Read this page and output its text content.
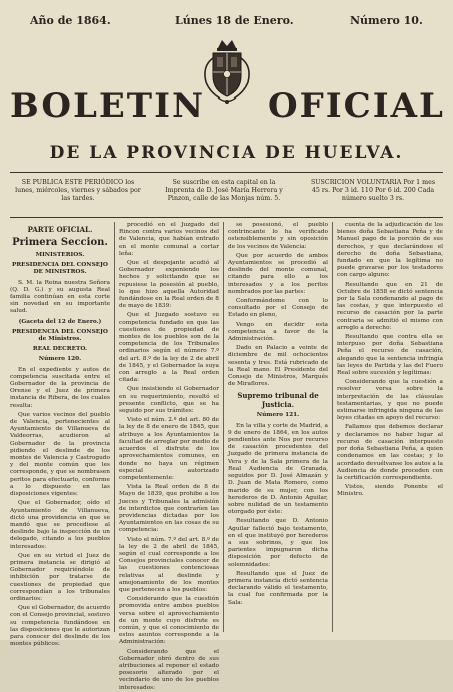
Año de 1864.	Lúnes 18 de Enero.	Número 10.
BOLETIN OFICIAL
DE LA PROVINCIA DE HUELVA.
SE PUBLICA ESTE PERIÓDICO los lunes, miércoles, viernes y sábados por las tardes.
Se suscribe en esta capital en la Imprenta de D. José María Herrera y Pinzon, calle de las Monjas núm. 5.
SUSCRICION VOLUNTARIA Por 1 mes 45 rs. Por 3 id. 110 Por 6 id. 200 Cada número suelto 3 rs.

PARTE OFICIAL.

Primera Seccion.

MINISTERIOS.

PRESIDENCIA DEL CONSEJO DE MINISTROS.

S. M. la Reina nuestra Señora (Q. D. G.) y su augusta Real familia continúan en esta corte sin novedad en su importante salud.

(Gaceta del 12 de Enero.)

PRESIDENCIA DEL CONSEJO de Ministros.

REAL DECRETO.

Número 120.

En el expediente y autos de competencia suscitada entre el Gobernador de la provincia de Orense y el Juez de primera instancia de Ribera, de los cuales resulta:

Que varios vecinos del pueblo de Valencia, pertenecientes al Ayuntamiento de Villanueva de Valdeorras, acudieron al Gobernador de la provincia pidiendo el deslinde de los montes de Valencia y Castrogudo y del monte común que les corresponde, y que se nombrasen peritos para efectuarlo, conforme a lo dispuesto en las disposiciones vigentes:

Que el Gobernador, oído el Ayuntamiento de Villanueva, dictó una providencia en que se mandó que se procediese al deslinde bajo la inspección de un delegado, citando a los pueblos interesados:

Que en su virtud el Juez de primera instancia se dirigió al Gobernador requiriéndole de inhibición por tratarse de cuestiones de propiedad que correspondían a los tribunales ordinarios:

Que el Gobernador, de acuerdo con el Consejo provincial, sostuvo su competencia fundándose en las disposiciones que le autorizan para conocer del deslinde de los montes públicos:

procedió en el Juzgado del Rincon contra varios vecinos del de Valencia, que habían entrado en el monte comunal a cortar leña:

Que el despojante acudió al Gobernador exponiendo los hechos y solicitando que se repusiese la posesión al pueblo, lo que hizo aquella Autoridad fundándose en la Real orden de 8 de mayo de 1839:

Que el Juzgado sostuvo su competencia fundado en que las cuestiones de propiedad de montes de los pueblos son de la competencia de los Tribunales ordinarios según el número 7.º del art. 8.º de la ley de 2 de abril de 1845, y el Gobernador la suya con arreglo a la Real orden citada:

Que insistiendo el Gobernador en su requerimiento, resultó el presente conflicto, que se ha seguido por sus trámites:

Visto el núm. 2.º del art. 80 de la ley de 8 de enero de 1845, que atribuye a los Ayuntamientos la facultad de arreglar por medio de acuerdos el disfrute de los aprovechamientos comunes, en donde no haya un régimen especial autorizado competentemente:

Vista la Real orden de 8 de Mayo de 1839, que prohibe a los Jueces y Tribunales la admisión de interdictos que contraríen las providencias dictadas por los Ayuntamientos en las cosas de su competencia:

Visto el núm. 7.º del art. 8.º de la ley de 2 de abril de 1845, según el cual corresponde a los Consejos provinciales conocer de las cuestiones contenciosas relativas al deslinde y amojonamiento de los montes que pertenecen a los pueblos:

Considerando que la cuestión promovida entre ambos pueblos versa sobre el aprovechamiento de un monte cuyo disfrute es común, y que el conocimiento de estos asuntos corresponde a la Administración:

Considerando que el Gobernador obró dentro de sus atribuciones al reponer el estado posesorio alterado por el vecindario de uno de los pueblos interesados:

se posesionó, el pueblo contrincante lo ha verificado ostensiblemente y sin oposición de los vecinos de Valencia:

Que por acuerdo de ambos Ayuntamientos se procedió al deslinde del monte comunal, citando para ello a los interesados y a los peritos nombrados por las partes:

Conformándome con lo consultado por el Consejo de Estado en pleno,

Vengo en decidir esta competencia a favor de la Administración.

Dado en Palacio a veinte de diciembre de mil ochocientos sesenta y tres. Está rubricado de la Real mano. El Presidente del Consejo de Ministros, Marqués de Miraflores.

Supremo tribunal de Justicia.

Número 121.

En la villa y corte de Madrid, a 9 de enero de 1864, en los autos pendientes ante Nos por recurso de casación procedentes del Juzgado de primera instancia de Vera y de la Sala primera de la Real Audiencia de Granada, seguidos por D. José Almazán y D. Juan de Mata Romero, como marido de su mujer, con los herederos de D. Antonio Aguilar, sobre nulidad de un testamento otorgado por éste:

Resultando que D. Antonio Aguilar falleció bajo testamento, en el que instituyó por herederos a sus sobrinos, y que los parientes impugnaron dicha disposición por defecto de solemnidades:

Resultando que el Juez de primera instancia dictó sentencia declarando válido el testamento, la cual fue confirmada por la Sala:

cuenta de la adjudicación de los bienes doña Sebastiana Peña y de Manuel pago de la porción de sus derechos, y que declarándose el derecho de doña Sebastiana, fundado en que la legítima no puede gravarse por los testadores con cargo alguno:

Resultando que en 21 de Octubre de 1858 se dictó sentencia por la Sala condenando al pago de las costas, y que interpuesto el recurso de casación por la parte contraria se admitió el mismo con arreglo a derecho:

Resultando que contra ella se interpuso por doña Sebastiana Peña el recurso de casación, alegando que la sentencia infringía las leyes de Partida y las del Fuero Real sobre sucesión y legítimas:

Considerando que la cuestión a resolver versa sobre la interpretación de las cláusulas testamentarias, y que no puede estimarse infringida ninguna de las leyes citadas en apoyo del recurso:

Fallamos que debemos declarar y declaramos no haber lugar al recurso de casación interpuesto por doña Sebastiana Peña, a quien condenamos en las costas; y lo acordado devuélvanse los autos a la Audiencia de donde proceden con la certificación correspondiente.

Vistos, siendo Ponente el Ministro.
